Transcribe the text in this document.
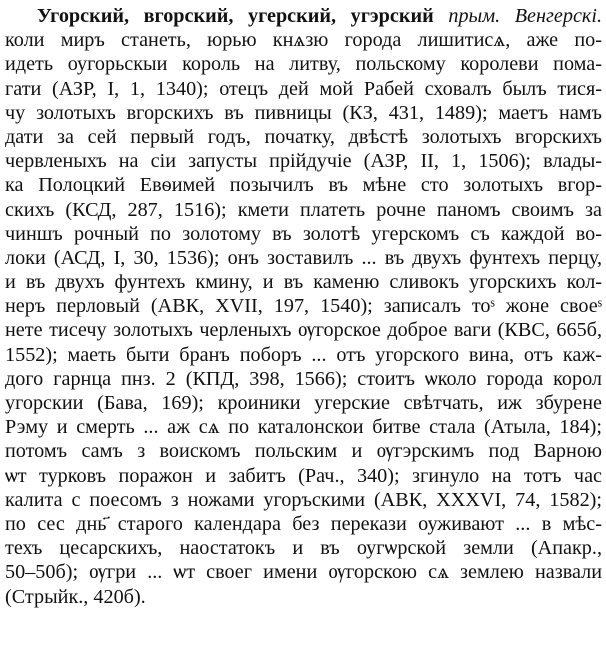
Угорский, вгорский, угерский, угэрский прым. Венгерскі.
коли миръ станеть, юрью кнѧзю города лишитисѧ, аже по-
идеть оугорьскыи король на литву, польскому королеви пома-
гати (АЗР, I, 1, 1340); отецъ дей мой Рабей сховалъ былъ тися-
чу золотыхъ вгорскихъ въ пивницы (КЗ, 431, 1489); маетъ намъ
дати за сей первый годъ, початку, двѣстѣ золотыхъ вгорскихъ
червленыхъ на сiи запусты прiйдучiе (АЗР, II, 1, 1506); влады-
ка Полоцкий Евѳимей позычилъ въ мѣне сто золотыхъ вгор-
скихъ (КСД, 287, 1516); кмети платеть рочне паномъ своимъ за
чиншъ рочный по золотому въ золотѣ угерскомъ съ каждой во-
локи (АСД, I, 30, 1536); онъ зоставилъ ... въ двухъ фунтехъ перцу,
и въ двухъ фунтехъ кмину, и въ каменю сливокъ угорскихъ кол-
неръ перловый (АВК, XVII, 197, 1540); записалъ тоˢ жоне своеˢ
нете тисечу золотыхъ черленыхъ ѹгорское доброе ваги (КВС, 665б,
1552); маеть быти бранъ поборъ ... отъ угорского вина, отъ каж-
дого гарнца пнз. 2 (КПД, 398, 1566); стоитъ ѡколо города корол
угорскии (Бава, 169); кроиники угерские свѣтчать, иж збурене
Рэму и смерть ... аж сѧ по каталонскои битве стала (Атыла, 184);
потомъ самъ з воискомъ польским и ѹгэрскимъ под Варною
ѡт турковъ поражон и забитъ (Рач., 340); згинуло на тотъ час
калита с поесомъ з ножами угоръскими (АВК, XXXVI, 74, 1582);
по сес днь҃ старого календара без перекази оуживают ... в мѣс-
техъ цесарскихъ, наостатокъ и въ оугѡрской земли (Апакр.,
50–50б); ѹгри ... ѡт своег имени ѹгорскою сѧ землею назвали
(Стрыйк., 420б).
